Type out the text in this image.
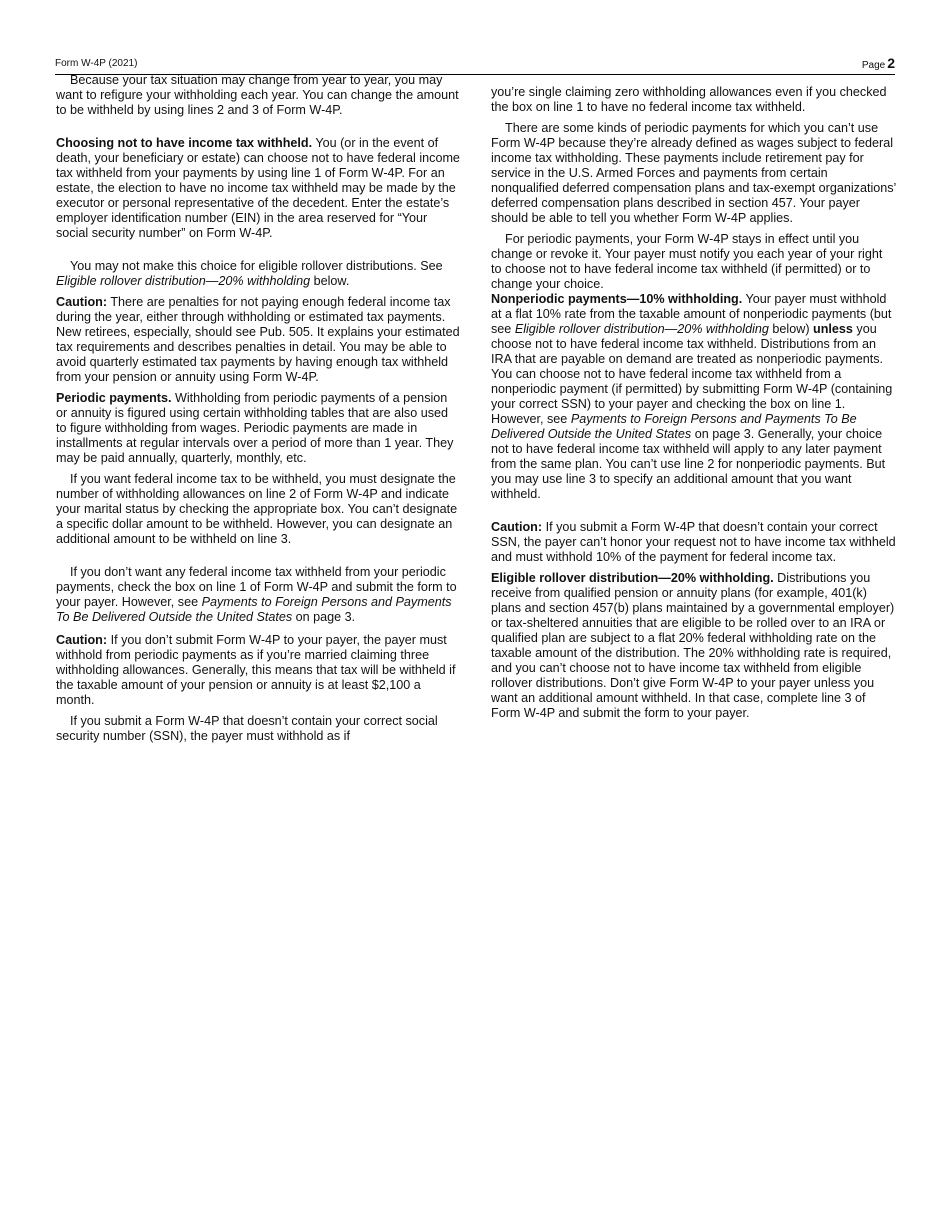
Form W-4P (2021)	Page 2

Because your tax situation may change from year to year, you may want to refigure your withholding each year. You can change the amount to be withheld by using lines 2 and 3 of Form W-4P.

Choosing not to have income tax withheld. You (or in the event of death, your beneficiary or estate) can choose not to have federal income tax withheld from your payments by using line 1 of Form W-4P. For an estate, the election to have no income tax withheld may be made by the executor or personal representative of the decedent. Enter the estate’s employer identification number (EIN) in the area reserved for “Your social security number” on Form W-4P.

You may not make this choice for eligible rollover distributions. See Eligible rollover distribution—20% withholding below.

Caution: There are penalties for not paying enough federal income tax during the year, either through withholding or estimated tax payments. New retirees, especially, should see Pub. 505. It explains your estimated tax requirements and describes penalties in detail. You may be able to avoid quarterly estimated tax payments by having enough tax withheld from your pension or annuity using Form W-4P.

Periodic payments. Withholding from periodic payments of a pension or annuity is figured using certain withholding tables that are also used to figure withholding from wages. Periodic payments are made in installments at regular intervals over a period of more than 1 year. They may be paid annually, quarterly, monthly, etc.

If you want federal income tax to be withheld, you must designate the number of withholding allowances on line 2 of Form W-4P and indicate your marital status by checking the appropriate box. You can’t designate a specific dollar amount to be withheld. However, you can designate an additional amount to be withheld on line 3.

If you don’t want any federal income tax withheld from your periodic payments, check the box on line 1 of Form W-4P and submit the form to your payer. However, see Payments to Foreign Persons and Payments To Be Delivered Outside the United States on page 3.

Caution: If you don’t submit Form W-4P to your payer, the payer must withhold from periodic payments as if you’re married claiming three withholding allowances. Generally, this means that tax will be withheld if the taxable amount of your pension or annuity is at least $2,100 a month.

If you submit a Form W-4P that doesn’t contain your correct social security number (SSN), the payer must withhold as if

you’re single claiming zero withholding allowances even if you checked the box on line 1 to have no federal income tax withheld.

There are some kinds of periodic payments for which you can’t use Form W-4P because they’re already defined as wages subject to federal income tax withholding. These payments include retirement pay for service in the U.S. Armed Forces and payments from certain nonqualified deferred compensation plans and tax-exempt organizations’ deferred compensation plans described in section 457. Your payer should be able to tell you whether Form W-4P applies.

For periodic payments, your Form W-4P stays in effect until you change or revoke it. Your payer must notify you each year of your right to choose not to have federal income tax withheld (if permitted) or to change your choice.

Nonperiodic payments—10% withholding. Your payer must withhold at a flat 10% rate from the taxable amount of nonperiodic payments (but see Eligible rollover distribution—20% withholding below) unless you choose not to have federal income tax withheld. Distributions from an IRA that are payable on demand are treated as nonperiodic payments. You can choose not to have federal income tax withheld from a nonperiodic payment (if permitted) by submitting Form W-4P (containing your correct SSN) to your payer and checking the box on line 1. However, see Payments to Foreign Persons and Payments To Be Delivered Outside the United States on page 3. Generally, your choice not to have federal income tax withheld will apply to any later payment from the same plan. You can’t use line 2 for nonperiodic payments. But you may use line 3 to specify an additional amount that you want withheld.

Caution: If you submit a Form W-4P that doesn’t contain your correct SSN, the payer can’t honor your request not to have income tax withheld and must withhold 10% of the payment for federal income tax.

Eligible rollover distribution—20% withholding. Distributions you receive from qualified pension or annuity plans (for example, 401(k) plans and section 457(b) plans maintained by a governmental employer) or tax-sheltered annuities that are eligible to be rolled over to an IRA or qualified plan are subject to a flat 20% federal withholding rate on the taxable amount of the distribution. The 20% withholding rate is required, and you can’t choose not to have income tax withheld from eligible rollover distributions. Don’t give Form W-4P to your payer unless you want an additional amount withheld. In that case, complete line 3 of Form W-4P and submit the form to your payer.
